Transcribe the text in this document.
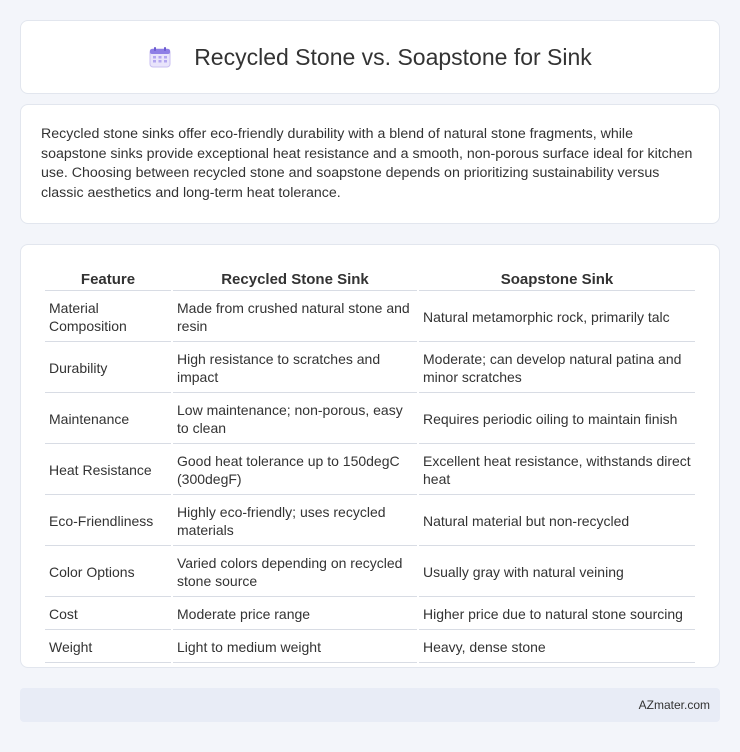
Recycled Stone vs. Soapstone for Sink

Recycled stone sinks offer eco-friendly durability with a blend of natural stone fragments, while soapstone sinks provide exceptional heat resistance and a smooth, non-porous surface ideal for kitchen use. Choosing between recycled stone and soapstone depends on prioritizing sustainability versus classic aesthetics and long-term heat tolerance.

Feature	Recycled Stone Sink	Soapstone Sink
Material Composition	Made from crushed natural stone and resin	Natural metamorphic rock, primarily talc
Durability	High resistance to scratches and impact	Moderate; can develop natural patina and minor scratches
Maintenance	Low maintenance; non-porous, easy to clean	Requires periodic oiling to maintain finish
Heat Resistance	Good heat tolerance up to 150degC (300degF)	Excellent heat resistance, withstands direct heat
Eco-Friendliness	Highly eco-friendly; uses recycled materials	Natural material but non-recycled
Color Options	Varied colors depending on recycled stone source	Usually gray with natural veining
Cost	Moderate price range	Higher price due to natural stone sourcing
Weight	Light to medium weight	Heavy, dense stone
AZmater.com
